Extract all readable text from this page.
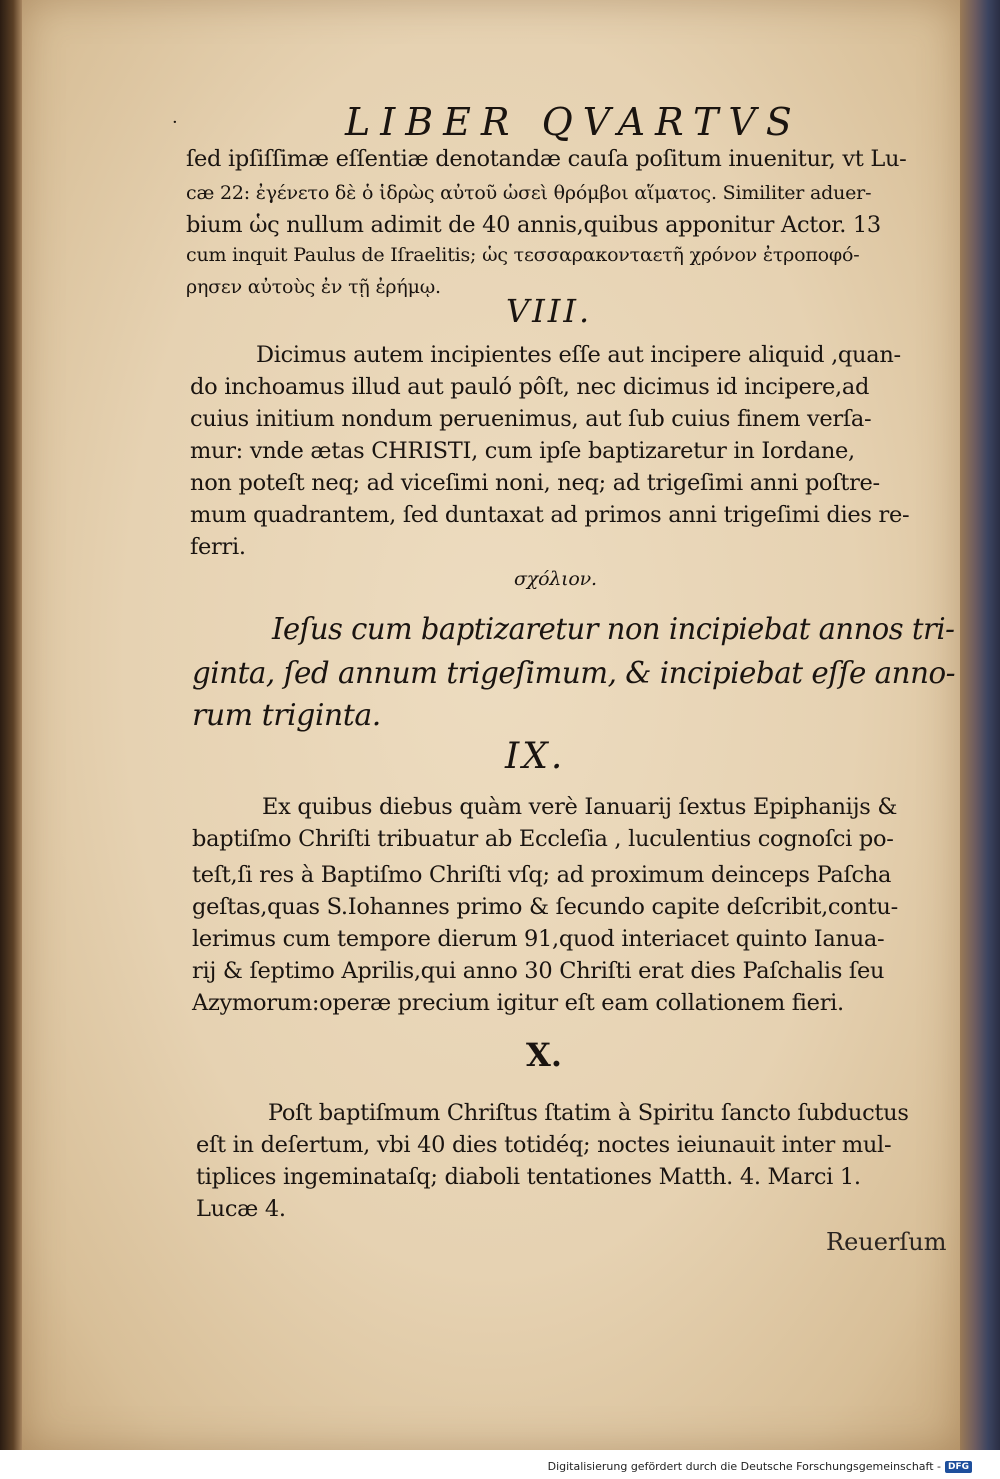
·	LIBER QVARTVS
ſed ipſiſſimæ eſſentiæ denotandæ cauſa poſitum inuenitur, vt Lu-
cæ 22: ἐγένετο δὲ ὁ ἱδρὼς αὐτοῦ ὡσεὶ θρόμβοι αἵματος. Similiter aduer-
bium ὡς nullum adimit de 40 annis,quibus apponitur Actor. 13
cum inquit Paulus de Iſraelitis; ὡς τεσσαρακονταετῆ χρόνον ἐτροποφό-
ρησεν αὐτοὺς ἐν τῇ ἐρήμῳ.
VIII.
Dicimus autem incipientes eſſe aut incipere aliquid ,quan-
do inchoamus illud aut pauló pôſt, nec dicimus id incipere,ad
cuius initium nondum peruenimus, aut ſub cuius finem verſa-
mur: vnde ætas CHRISTI, cum ipſe baptizaretur in Iordane,
non poteſt neq; ad viceſimi noni, neq; ad trigeſimi anni poſtre-
mum quadrantem, ſed duntaxat ad primos anni trigeſimi dies re-
ferri.
σχόλιον.
Ieſus cum baptizaretur non incipiebat annos tri-
ginta, ſed annum trigeſimum, & incipiebat eſſe anno-
rum triginta.
IX.
Ex quibus diebus quàm verè Ianuarij ſextus Epiphanijs &
baptiſmo Chriſti tribuatur ab Eccleſia , luculentius cognoſci po-
teſt,ſi res à Baptiſmo Chriſti vſq; ad proximum deinceps Paſcha
geſtas,quas S.Iohannes primo & ſecundo capite deſcribit,contu-
lerimus cum tempore dierum 91,quod interiacet quinto Ianua-
rij & ſeptimo Aprilis,qui anno 30 Chriſti erat dies Paſchalis ſeu
Azymorum:operæ precium igitur eſt eam collationem fieri.
X.
Poſt baptiſmum Chriſtus ſtatim à Spiritu ſancto ſubductus
eſt in deſertum, vbi 40 dies totidéq; noctes ieiunauit inter mul-
tiplices ingeminataſq; diaboli tentationes Matth. 4. Marci 1.
Lucæ 4.
Reuerſum
Digitalisierung gefördert durch die Deutsche Forschungsgemeinschaft - DFG
